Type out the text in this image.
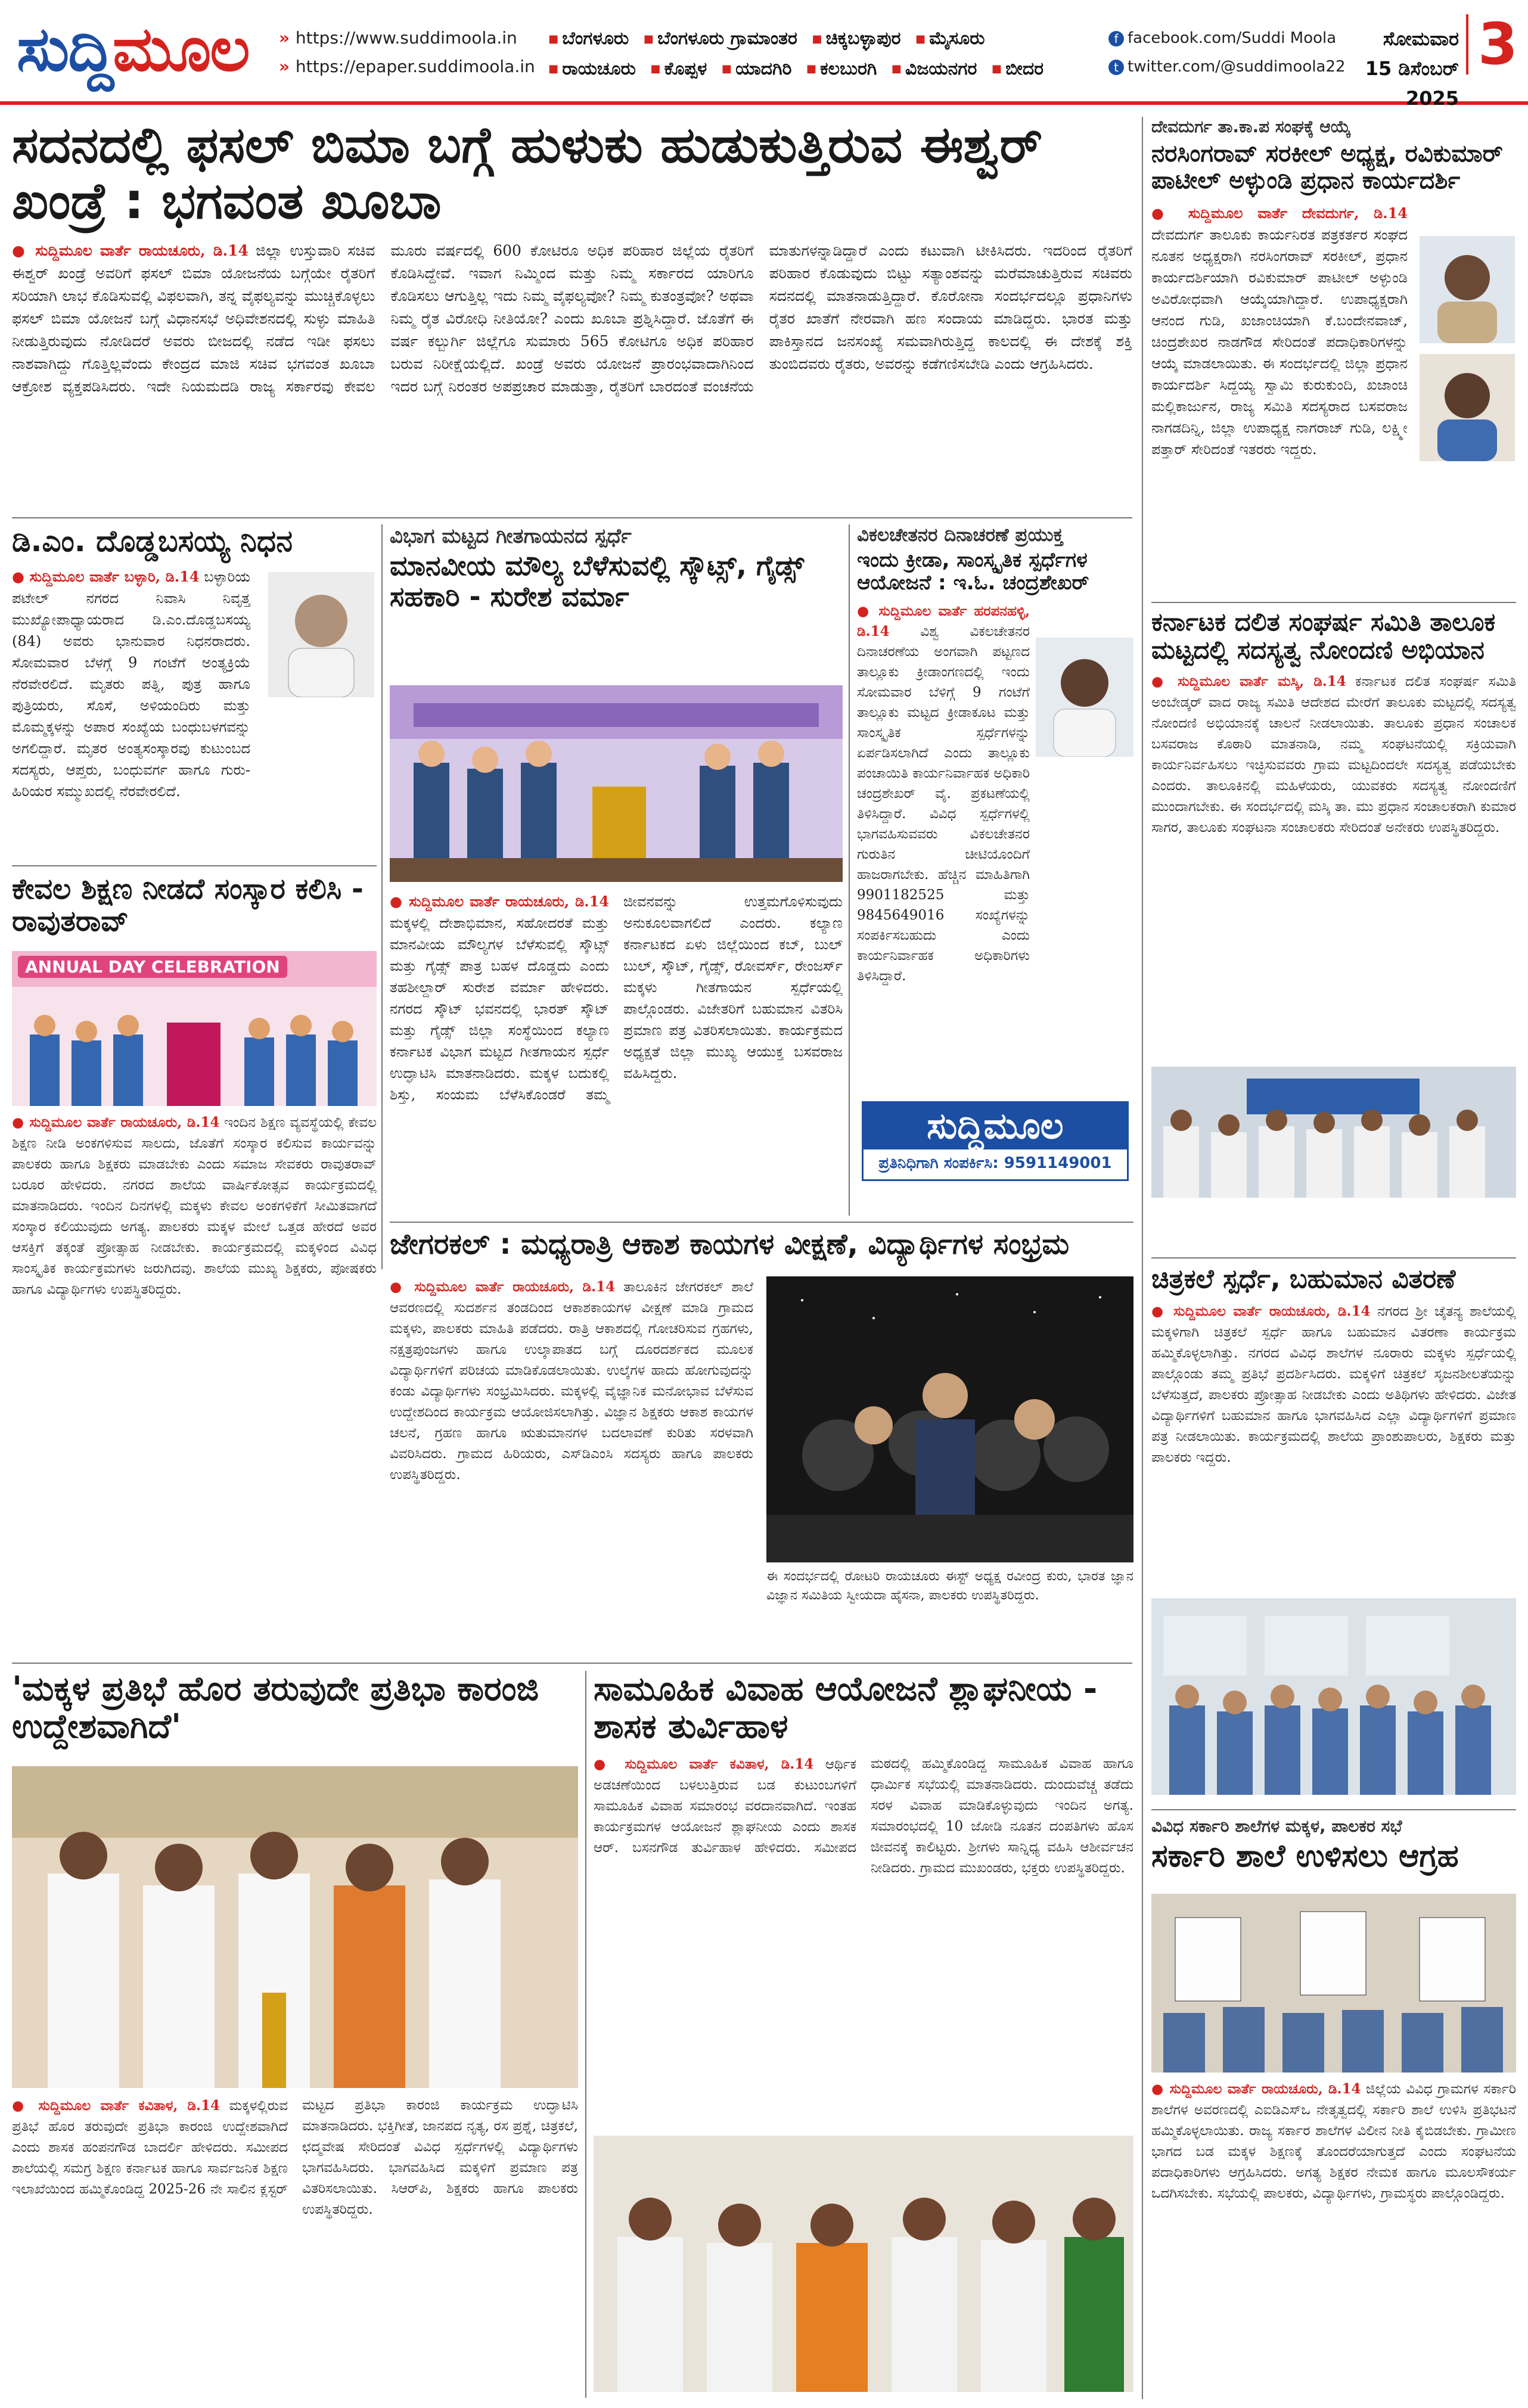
ಸುದ್ದಿಮೂಲ	» https://www.suddimoola.in
» https://epaper.suddimoola.in
■ ಬೆಂಗಳೂರು ■ ಬೆಂಗಳೂರು ಗ್ರಾಮಾಂತರ ■ ಚಿಕ್ಕಬಳ್ಳಾಪುರ ■ ಮೈಸೂರು
■ ರಾಯಚೂರು ■ ಕೊಪ್ಪಳ ■ ಯಾದಗಿರಿ ■ ಕಲಬುರಗಿ ■ ವಿಜಯನಗರ ■ ಬೀದರ
f facebook.com/Suddi Moola
t twitter.com/@suddimoola22
ಸೋಮವಾರ
15 ಡಿಸೆಂಬರ್ 2025
3
ಸದನದಲ್ಲಿ ಫಸಲ್ ಬಿಮಾ ಬಗ್ಗೆ ಹುಳುಕು ಹುಡುಕುತ್ತಿರುವ ಈಶ್ವರ್ ಖಂಡ್ರೆ : ಭಗವಂತ ಖೂಬಾ
● ಸುದ್ದಿಮೂಲ ವಾರ್ತೆ ರಾಯಚೂರು, ಡಿ.14 ಜಿಲ್ಲಾ ಉಸ್ತುವಾರಿ ಸಚಿವ ಈಶ್ವರ್ ಖಂಡ್ರೆ ಅವರಿಗೆ ಫಸಲ್ ಬಿಮಾ ಯೋಜನೆಯ ಬಗ್ಗೆಯೇ ರೈತರಿಗೆ ಸರಿಯಾಗಿ ಲಾಭ ಕೊಡಿಸುವಲ್ಲಿ ವಿಫಲವಾಗಿ, ತನ್ನ ವೈಫಲ್ಯವನ್ನು ಮುಚ್ಚಿಕೊಳ್ಳಲು ಫಸಲ್ ಬಿಮಾ ಯೋಜನೆ ಬಗ್ಗೆ ವಿಧಾನಸಭೆ ಅಧಿವೇಶನದಲ್ಲಿ ಸುಳ್ಳು ಮಾಹಿತಿ ನೀಡುತ್ತಿರುವುದು ನೋಡಿದರೆ ಅವರು ಬೀಜದಲ್ಲಿ ನಡೆದ ಇಡೀ ಫಸಲು ನಾಶವಾಗಿದ್ದು ಗೊತ್ತಿಲ್ಲವೆಂದು ಕೇಂದ್ರದ ಮಾಜಿ ಸಚಿವ ಭಗವಂತ ಖೂಬಾ ಆಕ್ರೋಶ ವ್ಯಕ್ತಪಡಿಸಿದರು. ಇದೇ ನಿಯಮದಡಿ ರಾಜ್ಯ ಸರ್ಕಾರವು ಕೇವಲ ಮೂರು ವರ್ಷದಲ್ಲಿ 600 ಕೋಟಿರೂ ಅಧಿಕ ಪರಿಹಾರ ಜಿಲ್ಲೆಯ ರೈತರಿಗೆ ಕೊಡಿಸಿದ್ದೇವೆ. ಇವಾಗ ನಿಮ್ಮಿಂದ ಮತ್ತು ನಿಮ್ಮ ಸರ್ಕಾರದ ಯಾರಿಗೂ ಕೊಡಿಸಲು ಆಗುತ್ತಿಲ್ಲ ಇದು ನಿಮ್ಮ ವೈಫಲ್ಯವೋ? ನಿಮ್ಮ ಕುತಂತ್ರವೋ? ಅಥವಾ ನಿಮ್ಮ ರೈತ ವಿರೋಧಿ ನೀತಿಯೋ? ಎಂದು ಖೂಬಾ ಪ್ರಶ್ನಿಸಿದ್ದಾರೆ. ಜೊತೆಗೆ ಈ ವರ್ಷ ಕಲ್ಬುರ್ಗಿ ಜಿಲ್ಲೆಗೂ ಸುಮಾರು 565 ಕೋಟಿಗೂ ಅಧಿಕ ಪರಿಹಾರ ಬರುವ ನಿರೀಕ್ಷೆಯಲ್ಲಿದೆ. ಖಂಡ್ರೆ ಅವರು ಯೋಜನೆ ಪ್ರಾರಂಭವಾದಾಗಿನಿಂದ ಇದರ ಬಗ್ಗೆ ನಿರಂತರ ಅಪಪ್ರಚಾರ ಮಾಡುತ್ತಾ, ರೈತರಿಗೆ ಬಾರದಂತೆ ವಂಚನೆಯ ಮಾತುಗಳನ್ನಾಡಿದ್ದಾರೆ ಎಂದು ಕಟುವಾಗಿ ಟೀಕಿಸಿದರು. ಇದರಿಂದ ರೈತರಿಗೆ ಪರಿಹಾರ ಕೊಡುವುದು ಬಿಟ್ಟು ಸತ್ಯಾಂಶವನ್ನು ಮರೆಮಾಚುತ್ತಿರುವ ಸಚಿವರು ಸದನದಲ್ಲಿ ಮಾತನಾಡುತ್ತಿದ್ದಾರೆ. ಕೊರೋನಾ ಸಂದರ್ಭದಲ್ಲೂ ಪ್ರಧಾನಿಗಳು ರೈತರ ಖಾತೆಗೆ ನೇರವಾಗಿ ಹಣ ಸಂದಾಯ ಮಾಡಿದ್ದರು. ಭಾರತ ಮತ್ತು ಪಾಕಿಸ್ತಾನದ ಜನಸಂಖ್ಯೆ ಸಮವಾಗಿರುತ್ತಿದ್ದ ಕಾಲದಲ್ಲಿ ಈ ದೇಶಕ್ಕೆ ಶಕ್ತಿ ತುಂಬಿದವರು ರೈತರು, ಅವರನ್ನು ಕಡೆಗಣಿಸಬೇಡಿ ಎಂದು ಆಗ್ರಹಿಸಿದರು.
ದೇವದುರ್ಗ ತಾ.ಕಾ.ಪ ಸಂಘಕ್ಕೆ ಆಯ್ಕೆ
ನರಸಿಂಗರಾವ್ ಸರಕೀಲ್ ಅಧ್ಯಕ್ಷ, ರವಿಕುಮಾರ್ ಪಾಟೀಲ್ ಅಳ್ಳುಂಡಿ ಪ್ರಧಾನ ಕಾರ್ಯದರ್ಶಿ
● ಸುದ್ದಿಮೂಲ ವಾರ್ತೆ ದೇವದುರ್ಗ, ಡಿ.14 ದೇವದುರ್ಗ ತಾಲೂಕು ಕಾರ್ಯನಿರತ ಪತ್ರಕರ್ತರ ಸಂಘದ ನೂತನ ಅಧ್ಯಕ್ಷರಾಗಿ ನರಸಿಂಗರಾವ್ ಸರಕೀಲ್, ಪ್ರಧಾನ ಕಾರ್ಯದರ್ಶಿಯಾಗಿ ರವಿಕುಮಾರ್ ಪಾಟೀಲ್ ಅಳ್ಳುಂಡಿ ಅವಿರೋಧವಾಗಿ ಆಯ್ಕೆಯಾಗಿದ್ದಾರೆ. ಉಪಾಧ್ಯಕ್ಷರಾಗಿ ಆನಂದ ಗುಡಿ, ಖಜಾಂಚಿಯಾಗಿ ಕೆ.ಬಂದೇನವಾಜ್, ಚಿಂದ್ರಶೇಖರ ನಾಡಗೌಡ ಸೇರಿದಂತೆ ಪದಾಧಿಕಾರಿಗಳನ್ನು ಆಯ್ಕೆ ಮಾಡಲಾಯಿತು. ಈ ಸಂದರ್ಭದಲ್ಲಿ ಜಿಲ್ಲಾ ಪ್ರಧಾನ ಕಾರ್ಯದರ್ಶಿ ಸಿದ್ದಯ್ಯ ಸ್ವಾಮಿ ಕುರುಕುಂದಿ, ಖಜಾಂಚಿ ಮಲ್ಲಿಕಾರ್ಜುನ, ರಾಜ್ಯ ಸಮಿತಿ ಸದಸ್ಯರಾದ ಬಸವರಾಜ ನಾಗಡದಿನ್ನಿ, ಜಿಲ್ಲಾ ಉಪಾಧ್ಯಕ್ಷ ನಾಗರಾಜ್ ಗುಡಿ, ಲಕ್ಷ್ಮೀ ಪತ್ತಾರ್ ಸೇರಿದಂತೆ ಇತರರು ಇದ್ದರು.
ಡಿ.ಎಂ. ದೊಡ್ಡಬಸಯ್ಯ ನಿಧನ
● ಸುದ್ದಿಮೂಲ ವಾರ್ತೆ ಬಳ್ಳಾರಿ, ಡಿ.14 ಬಳ್ಳಾರಿಯ ಪಟೇಲ್ ನಗರದ ನಿವಾಸಿ ನಿವೃತ್ತ ಮುಖ್ಯೋಪಾಧ್ಯಾಯರಾದ ಡಿ.ಎಂ.ದೊಡ್ಡಬಸಯ್ಯ (84) ಅವರು ಭಾನುವಾರ ನಿಧನರಾದರು. ಸೋಮವಾರ ಬೆಳಗ್ಗೆ 9 ಗಂಟೆಗೆ ಅಂತ್ಯಕ್ರಿಯೆ ನೆರವೇರಲಿದೆ. ಮೃತರು ಪತ್ನಿ, ಪುತ್ರ ಹಾಗೂ ಪುತ್ರಿಯರು, ಸೊಸೆ, ಅಳಿಯಂದಿರು ಮತ್ತು ಮೊಮ್ಮಕ್ಕಳನ್ನು ಅಪಾರ ಸಂಖ್ಯೆಯ ಬಂಧುಬಳಗವನ್ನು ಅಗಲಿದ್ದಾರೆ. ಮೃತರ ಅಂತ್ಯಸಂಸ್ಕಾರವು ಕುಟುಂಬದ ಸದಸ್ಯರು, ಆಪ್ತರು, ಬಂಧುವರ್ಗ ಹಾಗೂ ಗುರು-ಹಿರಿಯರ ಸಮ್ಮುಖದಲ್ಲಿ ನೆರವೇರಲಿದೆ.
ವಿಭಾಗ ಮಟ್ಟದ ಗೀತಗಾಯನದ ಸ್ಪರ್ಧೆ
ಮಾನವೀಯ ಮೌಲ್ಯ ಬೆಳೆಸುವಲ್ಲಿ ಸ್ಕೌಟ್ಸ್, ಗೈಡ್ಸ್ ಸಹಕಾರಿ - ಸುರೇಶ ವರ್ಮಾ
● ಸುದ್ದಿಮೂಲ ವಾರ್ತೆ ರಾಯಚೂರು, ಡಿ.14 ಮಕ್ಕಳಲ್ಲಿ ದೇಶಾಭಿಮಾನ, ಸಹೋದರತೆ ಮತ್ತು ಮಾನವೀಯ ಮೌಲ್ಯಗಳ ಬೆಳೆಸುವಲ್ಲಿ ಸ್ಕೌಟ್ಸ್ ಮತ್ತು ಗೈಡ್ಸ್ ಪಾತ್ರ ಬಹಳ ದೊಡ್ಡದು ಎಂದು ತಹಶೀಲ್ದಾರ್ ಸುರೇಶ ವರ್ಮಾ ಹೇಳಿದರು. ನಗರದ ಸ್ಕೌಟ್ ಭವನದಲ್ಲಿ ಭಾರತ್ ಸ್ಕೌಟ್ ಮತ್ತು ಗೈಡ್ಸ್ ಜಿಲ್ಲಾ ಸಂಸ್ಥೆಯಿಂದ ಕಲ್ಯಾಣ ಕರ್ನಾಟಕ ವಿಭಾಗ ಮಟ್ಟದ ಗೀತಗಾಯನ ಸ್ಪರ್ಧೆ ಉದ್ಘಾಟಿಸಿ ಮಾತನಾಡಿದರು. ಮಕ್ಕಳ ಬದುಕಲ್ಲಿ ಶಿಸ್ತು, ಸಂಯಮ ಬೆಳೆಸಿಕೊಂಡರೆ ತಮ್ಮ ಜೀವನವನ್ನು ಉತ್ತಮಗೊಳಿಸುವುದು ಅನುಕೂಲವಾಗಲಿದೆ ಎಂದರು. ಕಲ್ಯಾಣ ಕರ್ನಾಟಕದ ಏಳು ಜಿಲ್ಲೆಯಿಂದ ಕಬ್, ಬುಲ್ ಬುಲ್, ಸ್ಕೌಟ್, ಗೈಡ್ಸ್, ರೋವರ್ಸ್, ರೇಂಜರ್ಸ್ ಮಕ್ಕಳು ಗೀತಗಾಯನ ಸ್ಪರ್ಧೆಯಲ್ಲಿ ಪಾಲ್ಗೊಂಡರು. ವಿಜೇತರಿಗೆ ಬಹುಮಾನ ವಿತರಿಸಿ ಪ್ರಮಾಣ ಪತ್ರ ವಿತರಿಸಲಾಯಿತು. ಕಾರ್ಯಕ್ರಮದ ಅಧ್ಯಕ್ಷತೆ ಜಿಲ್ಲಾ ಮುಖ್ಯ ಆಯುಕ್ತ ಬಸವರಾಜ ವಹಿಸಿದ್ದರು.
ವಿಕಲಚೇತನರ ದಿನಾಚರಣೆ ಪ್ರಯುಕ್ತ
ಇಂದು ಕ್ರೀಡಾ, ಸಾಂಸ್ಕೃತಿಕ ಸ್ಪರ್ಧೆಗಳ ಆಯೋಜನೆ : ಇ.ಓ. ಚಂದ್ರಶೇಖರ್
● ಸುದ್ದಿಮೂಲ ವಾರ್ತೆ ಹರಪನಹಳ್ಳಿ, ಡಿ.14 ವಿಶ್ವ ವಿಕಲಚೇತನರ ದಿನಾಚರಣೆಯ ಅಂಗವಾಗಿ ಪಟ್ಟಣದ ತಾಲ್ಲೂಕು ಕ್ರೀಡಾಂಗಣದಲ್ಲಿ ಇಂದು ಸೋಮವಾರ ಬೆಳಿಗ್ಗೆ 9 ಗಂಟೆಗೆ ತಾಲ್ಲೂಕು ಮಟ್ಟದ ಕ್ರೀಡಾಕೂಟ ಮತ್ತು ಸಾಂಸ್ಕೃತಿಕ ಸ್ಪರ್ಧೆಗಳನ್ನು ಏರ್ಪಡಿಸಲಾಗಿದೆ ಎಂದು ತಾಲ್ಲೂಕು ಪಂಚಾಯಿತಿ ಕಾರ್ಯನಿರ್ವಾಹಕ ಅಧಿಕಾರಿ ಚಂದ್ರಶೇಖರ್ ವೈ. ಪ್ರಕಟಣೆಯಲ್ಲಿ ತಿಳಿಸಿದ್ದಾರೆ. ವಿವಿಧ ಸ್ಪರ್ಧೆಗಳಲ್ಲಿ ಭಾಗವಹಿಸುವವರು ವಿಕಲಚೇತನರ ಗುರುತಿನ ಚೀಟಿಯೊಂದಿಗೆ ಹಾಜರಾಗಬೇಕು. ಹೆಚ್ಚಿನ ಮಾಹಿತಿಗಾಗಿ 9901182525 ಮತ್ತು 9845649016 ಸಂಖ್ಯೆಗಳನ್ನು ಸಂಪರ್ಕಿಸಬಹುದು ಎಂದು ಕಾರ್ಯನಿರ್ವಾಹಕ ಅಧಿಕಾರಿಗಳು ತಿಳಿಸಿದ್ದಾರೆ.
ಸುದ್ದಿಮೂಲ
ಪ್ರತಿನಿಧಿಗಾಗಿ ಸಂಪರ್ಕಿಸಿ: 9591149001
ಕರ್ನಾಟಕ ದಲಿತ ಸಂಘರ್ಷ ಸಮಿತಿ ತಾಲೂಕ ಮಟ್ಟದಲ್ಲಿ ಸದಸ್ಯತ್ವ ನೋಂದಣಿ ಅಭಿಯಾನ
● ಸುದ್ದಿಮೂಲ ವಾರ್ತೆ ಮಸ್ಕಿ, ಡಿ.14 ಕರ್ನಾಟಕ ದಲಿತ ಸಂಘರ್ಷ ಸಮಿತಿ ಅಂಬೇಡ್ಕರ್ ವಾದ ರಾಜ್ಯ ಸಮಿತಿ ಆದೇಶದ ಮೇರೆಗೆ ತಾಲೂಕು ಮಟ್ಟದಲ್ಲಿ ಸದಸ್ಯತ್ವ ನೋಂದಣಿ ಅಭಿಯಾನಕ್ಕೆ ಚಾಲನೆ ನೀಡಲಾಯಿತು. ತಾಲೂಕು ಪ್ರಧಾನ ಸಂಚಾಲಕ ಬಸವರಾಜ ಕೊಠಾರಿ ಮಾತನಾಡಿ, ನಮ್ಮ ಸಂಘಟನೆಯಲ್ಲಿ ಸಕ್ರಿಯವಾಗಿ ಕಾರ್ಯನಿರ್ವಹಿಸಲು ಇಚ್ಛಿಸುವವರು ಗ್ರಾಮ ಮಟ್ಟದಿಂದಲೇ ಸದಸ್ಯತ್ವ ಪಡೆಯಬೇಕು ಎಂದರು. ತಾಲೂಕಿನಲ್ಲಿ ಮಹಿಳೆಯರು, ಯುವಕರು ಸದಸ್ಯತ್ವ ನೋಂದಣಿಗೆ ಮುಂದಾಗಬೇಕು. ಈ ಸಂದರ್ಭದಲ್ಲಿ ಮಸ್ಕಿ ತಾ. ಮು ಪ್ರಧಾನ ಸಂಚಾಲಕರಾಗಿ ಕುಮಾರ ಸಾಗರ, ತಾಲೂಕು ಸಂಘಟನಾ ಸಂಚಾಲಕರು ಸೇರಿದಂತೆ ಅನೇಕರು ಉಪಸ್ಥಿತರಿದ್ದರು.
ಕೇವಲ ಶಿಕ್ಷಣ ನೀಡದೆ ಸಂಸ್ಕಾರ ಕಲಿಸಿ - ರಾವುತರಾವ್
ANNUAL DAY CELEBRATION
● ಸುದ್ದಿಮೂಲ ವಾರ್ತೆ ರಾಯಚೂರು, ಡಿ.14 ಇಂದಿನ ಶಿಕ್ಷಣ ವ್ಯವಸ್ಥೆಯಲ್ಲಿ ಕೇವಲ ಶಿಕ್ಷಣ ನೀಡಿ ಅಂಕಗಳಿಸುವ ಸಾಲದು, ಜೊತೆಗೆ ಸಂಸ್ಕಾರ ಕಲಿಸುವ ಕಾರ್ಯವನ್ನು ಪಾಲಕರು ಹಾಗೂ ಶಿಕ್ಷಕರು ಮಾಡಬೇಕು ಎಂದು ಸಮಾಜ ಸೇವಕರು ರಾವುತರಾವ್ ಬರೂರ ಹೇಳಿದರು. ನಗರದ ಶಾಲೆಯ ವಾರ್ಷಿಕೋತ್ಸವ ಕಾರ್ಯಕ್ರಮದಲ್ಲಿ ಮಾತನಾಡಿದರು. ಇಂದಿನ ದಿನಗಳಲ್ಲಿ ಮಕ್ಕಳು ಕೇವಲ ಅಂಕಗಳಿಕೆಗೆ ಸೀಮಿತವಾಗದೆ ಸಂಸ್ಕಾರ ಕಲಿಯುವುದು ಅಗತ್ಯ. ಪಾಲಕರು ಮಕ್ಕಳ ಮೇಲೆ ಒತ್ತಡ ಹೇರದೆ ಅವರ ಆಸಕ್ತಿಗೆ ತಕ್ಕಂತೆ ಪ್ರೋತ್ಸಾಹ ನೀಡಬೇಕು. ಕಾರ್ಯಕ್ರಮದಲ್ಲಿ ಮಕ್ಕಳಿಂದ ವಿವಿಧ ಸಾಂಸ್ಕೃತಿಕ ಕಾರ್ಯಕ್ರಮಗಳು ಜರುಗಿದವು. ಶಾಲೆಯ ಮುಖ್ಯ ಶಿಕ್ಷಕರು, ಪೋಷಕರು ಹಾಗೂ ವಿದ್ಯಾರ್ಥಿಗಳು ಉಪಸ್ಥಿತರಿದ್ದರು.
ಜೇಗರಕಲ್ : ಮಧ್ಯರಾತ್ರಿ ಆಕಾಶ ಕಾಯಗಳ ವೀಕ್ಷಣೆ, ವಿದ್ಯಾರ್ಥಿಗಳ ಸಂಭ್ರಮ
● ಸುದ್ದಿಮೂಲ ವಾರ್ತೆ ರಾಯಚೂರು, ಡಿ.14 ತಾಲೂಕಿನ ಜೇಗರಕಲ್ ಶಾಲೆ ಆವರಣದಲ್ಲಿ ಸುದರ್ಶನ ತಂಡದಿಂದ ಆಕಾಶಕಾಯಗಳ ವೀಕ್ಷಣೆ ಮಾಡಿ ಗ್ರಾಮದ ಮಕ್ಕಳು, ಪಾಲಕರು ಮಾಹಿತಿ ಪಡೆದರು. ರಾತ್ರಿ ಆಕಾಶದಲ್ಲಿ ಗೋಚರಿಸುವ ಗ್ರಹಗಳು, ನಕ್ಷತ್ರಪುಂಜಗಳು ಹಾಗೂ ಉಲ್ಕಾಪಾತದ ಬಗ್ಗೆ ದೂರದರ್ಶಕದ ಮೂಲಕ ವಿದ್ಯಾರ್ಥಿಗಳಿಗೆ ಪರಿಚಯ ಮಾಡಿಕೊಡಲಾಯಿತು. ಉಲ್ಕೆಗಳ ಹಾದು ಹೋಗುವುದನ್ನು ಕಂಡು ವಿದ್ಯಾರ್ಥಿಗಳು ಸಂಭ್ರಮಿಸಿದರು. ಮಕ್ಕಳಲ್ಲಿ ವೈಜ್ಞಾನಿಕ ಮನೋಭಾವ ಬೆಳೆಸುವ ಉದ್ದೇಶದಿಂದ ಕಾರ್ಯಕ್ರಮ ಆಯೋಜಿಸಲಾಗಿತ್ತು. ವಿಜ್ಞಾನ ಶಿಕ್ಷಕರು ಆಕಾಶ ಕಾಯಗಳ ಚಲನೆ, ಗ್ರಹಣ ಹಾಗೂ ಋತುಮಾನಗಳ ಬದಲಾವಣೆ ಕುರಿತು ಸರಳವಾಗಿ ವಿವರಿಸಿದರು. ಗ್ರಾಮದ ಹಿರಿಯರು, ಎಸ್‌ಡಿಎಂಸಿ ಸದಸ್ಯರು ಹಾಗೂ ಪಾಲಕರು ಉಪಸ್ಥಿತರಿದ್ದರು.
ಈ ಸಂದರ್ಭದಲ್ಲಿ ರೋಟರಿ ರಾಯಚೂರು ಈಸ್ಟ್ ಅಧ್ಯಕ್ಷ ರವೀಂದ್ರ ಕುರು, ಭಾರತ ಜ್ಞಾನ ವಿಜ್ಞಾನ ಸಮಿತಿಯ ಸ್ವೀಯದಾ ಹೈಸನಾ, ಪಾಲಕರು ಉಪಸ್ಥಿತರಿದ್ದರು.
ಚಿತ್ರಕಲೆ ಸ್ಪರ್ಧೆ, ಬಹುಮಾನ ವಿತರಣೆ
● ಸುದ್ದಿಮೂಲ ವಾರ್ತೆ ರಾಯಚೂರು, ಡಿ.14 ನಗರದ ಶ್ರೀ ಚೈತನ್ಯ ಶಾಲೆಯಲ್ಲಿ ಮಕ್ಕಳಿಗಾಗಿ ಚಿತ್ರಕಲೆ ಸ್ಪರ್ಧೆ ಹಾಗೂ ಬಹುಮಾನ ವಿತರಣಾ ಕಾರ್ಯಕ್ರಮ ಹಮ್ಮಿಕೊಳ್ಳಲಾಗಿತ್ತು. ನಗರದ ವಿವಿಧ ಶಾಲೆಗಳ ನೂರಾರು ಮಕ್ಕಳು ಸ್ಪರ್ಧೆಯಲ್ಲಿ ಪಾಲ್ಗೊಂಡು ತಮ್ಮ ಪ್ರತಿಭೆ ಪ್ರದರ್ಶಿಸಿದರು. ಮಕ್ಕಳಿಗೆ ಚಿತ್ರಕಲೆ ಸೃಜನಶೀಲತೆಯನ್ನು ಬೆಳೆಸುತ್ತದೆ, ಪಾಲಕರು ಪ್ರೋತ್ಸಾಹ ನೀಡಬೇಕು ಎಂದು ಅತಿಥಿಗಳು ಹೇಳಿದರು. ವಿಜೇತ ವಿದ್ಯಾರ್ಥಿಗಳಿಗೆ ಬಹುಮಾನ ಹಾಗೂ ಭಾಗವಹಿಸಿದ ಎಲ್ಲಾ ವಿದ್ಯಾರ್ಥಿಗಳಿಗೆ ಪ್ರಮಾಣ ಪತ್ರ ನೀಡಲಾಯಿತು. ಕಾರ್ಯಕ್ರಮದಲ್ಲಿ ಶಾಲೆಯ ಪ್ರಾಂಶುಪಾಲರು, ಶಿಕ್ಷಕರು ಮತ್ತು ಪಾಲಕರು ಇದ್ದರು.
'ಮಕ್ಕಳ ಪ್ರತಿಭೆ ಹೊರ ತರುವುದೇ ಪ್ರತಿಭಾ ಕಾರಂಜಿ ಉದ್ದೇಶವಾಗಿದೆ'
● ಸುದ್ದಿಮೂಲ ವಾರ್ತೆ ಕವಿತಾಳ, ಡಿ.14 ಮಕ್ಕಳಲ್ಲಿರುವ ಪ್ರತಿಭೆ ಹೊರ ತರುವುದೇ ಪ್ರತಿಭಾ ಕಾರಂಜಿ ಉದ್ದೇಶವಾಗಿದೆ ಎಂದು ಶಾಸಕ ಹಂಪನಗೌಡ ಬಾದರ್ಲಿ ಹೇಳಿದರು. ಸಮೀಪದ ಶಾಲೆಯಲ್ಲಿ ಸಮಗ್ರ ಶಿಕ್ಷಣ ಕರ್ನಾಟಕ ಹಾಗೂ ಸಾರ್ವಜನಿಕ ಶಿಕ್ಷಣ ಇಲಾಖೆಯಿಂದ ಹಮ್ಮಿಕೊಂಡಿದ್ದ 2025-26 ನೇ ಸಾಲಿನ ಕ್ಲಸ್ಟರ್ ಮಟ್ಟದ ಪ್ರತಿಭಾ ಕಾರಂಜಿ ಕಾರ್ಯಕ್ರಮ ಉದ್ಘಾಟಿಸಿ ಮಾತನಾಡಿದರು. ಭಕ್ತಿಗೀತೆ, ಜಾನಪದ ನೃತ್ಯ, ರಸ ಪ್ರಶ್ನೆ, ಚಿತ್ರಕಲೆ, ಛದ್ಮವೇಷ ಸೇರಿದಂತೆ ವಿವಿಧ ಸ್ಪರ್ಧೆಗಳಲ್ಲಿ ವಿದ್ಯಾರ್ಥಿಗಳು ಭಾಗವಹಿಸಿದರು. ಭಾಗವಹಿಸಿದ ಮಕ್ಕಳಿಗೆ ಪ್ರಮಾಣ ಪತ್ರ ವಿತರಿಸಲಾಯಿತು. ಸಿಆರ್‌ಪಿ, ಶಿಕ್ಷಕರು ಹಾಗೂ ಪಾಲಕರು ಉಪಸ್ಥಿತರಿದ್ದರು.
ಸಾಮೂಹಿಕ ವಿವಾಹ ಆಯೋಜನೆ ಶ್ಲಾಘನೀಯ - ಶಾಸಕ ತುರ್ವಿಹಾಳ
● ಸುದ್ದಿಮೂಲ ವಾರ್ತೆ ಕವಿತಾಳ, ಡಿ.14 ಆರ್ಥಿಕ ಅಡಚಣೆಯಿಂದ ಬಳಲುತ್ತಿರುವ ಬಡ ಕುಟುಂಬಗಳಿಗೆ ಸಾಮೂಹಿಕ ವಿವಾಹ ಸಮಾರಂಭ ವರದಾನವಾಗಿದೆ. ಇಂತಹ ಕಾರ್ಯಕ್ರಮಗಳ ಆಯೋಜನೆ ಶ್ಲಾಘನೀಯ ಎಂದು ಶಾಸಕ ಆರ್. ಬಸನಗೌಡ ತುರ್ವಿಹಾಳ ಹೇಳಿದರು. ಸಮೀಪದ ಮಠದಲ್ಲಿ ಹಮ್ಮಿಕೊಂಡಿದ್ದ ಸಾಮೂಹಿಕ ವಿವಾಹ ಹಾಗೂ ಧಾರ್ಮಿಕ ಸಭೆಯಲ್ಲಿ ಮಾತನಾಡಿದರು. ದುಂದುವೆಚ್ಚ ತಡೆದು ಸರಳ ವಿವಾಹ ಮಾಡಿಕೊಳ್ಳುವುದು ಇಂದಿನ ಅಗತ್ಯ. ಸಮಾರಂಭದಲ್ಲಿ 10 ಜೋಡಿ ನೂತನ ದಂಪತಿಗಳು ಹೊಸ ಜೀವನಕ್ಕೆ ಕಾಲಿಟ್ಟರು. ಶ್ರೀಗಳು ಸಾನ್ನಿಧ್ಯ ವಹಿಸಿ ಆಶೀರ್ವಚನ ನೀಡಿದರು. ಗ್ರಾಮದ ಮುಖಂಡರು, ಭಕ್ತರು ಉಪಸ್ಥಿತರಿದ್ದರು.
ವಿವಿಧ ಸರ್ಕಾರಿ ಶಾಲೆಗಳ ಮಕ್ಕಳ, ಪಾಲಕರ ಸಭೆ
ಸರ್ಕಾರಿ ಶಾಲೆ ಉಳಿಸಲು ಆಗ್ರಹ
● ಸುದ್ದಿಮೂಲ ವಾರ್ತೆ ರಾಯಚೂರು, ಡಿ.14 ಜಿಲ್ಲೆಯ ವಿವಿಧ ಗ್ರಾಮಗಳ ಸರ್ಕಾರಿ ಶಾಲೆಗಳ ಅವರಣದಲ್ಲಿ ಎಐಡಿಎಸ್‌ಒ ನೇತೃತ್ವದಲ್ಲಿ ಸರ್ಕಾರಿ ಶಾಲೆ ಉಳಿಸಿ ಪ್ರತಿಭಟನೆ ಹಮ್ಮಿಕೊಳ್ಳಲಾಯಿತು. ರಾಜ್ಯ ಸರ್ಕಾರ ಶಾಲೆಗಳ ವಿಲೀನ ನೀತಿ ಕೈಬಿಡಬೇಕು. ಗ್ರಾಮೀಣ ಭಾಗದ ಬಡ ಮಕ್ಕಳ ಶಿಕ್ಷಣಕ್ಕೆ ತೊಂದರೆಯಾಗುತ್ತದೆ ಎಂದು ಸಂಘಟನೆಯ ಪದಾಧಿಕಾರಿಗಳು ಆಗ್ರಹಿಸಿದರು. ಅಗತ್ಯ ಶಿಕ್ಷಕರ ನೇಮಕ ಹಾಗೂ ಮೂಲಸೌಕರ್ಯ ಒದಗಿಸಬೇಕು. ಸಭೆಯಲ್ಲಿ ಪಾಲಕರು, ವಿದ್ಯಾರ್ಥಿಗಳು, ಗ್ರಾಮಸ್ಥರು ಪಾಲ್ಗೊಂಡಿದ್ದರು.
